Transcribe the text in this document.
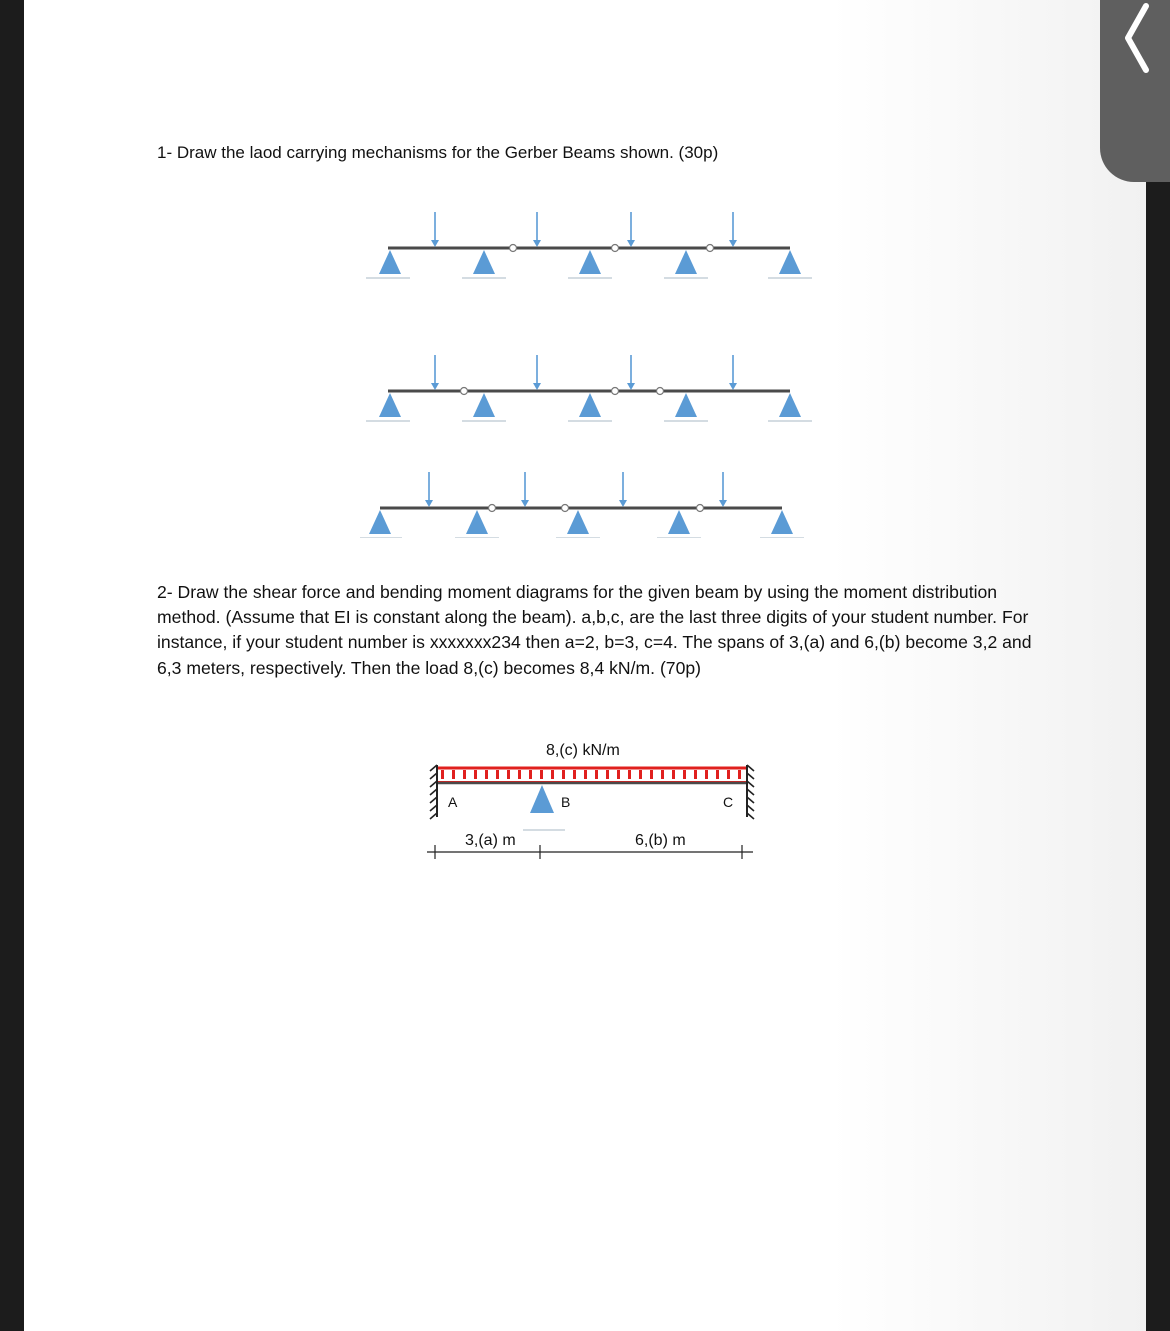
1- Draw the laod carrying mechanisms for the Gerber Beams shown. (30p)

2- Draw the shear force and bending moment diagrams for the given beam by using the moment distribution method. (Assume that EI is constant along the beam). a,b,c, are the last three digits of your student number. For instance, if your student number is xxxxxxx234 then a=2, b=3, c=4. The spans of 3,(a) and 6,(b) become 3,2 and 6,3 meters, respectively. Then the load 8,(c) becomes 8,4 kN/m. (70p)

8,(c) kN/m
A	B	C
3,(a) m	6,(b) m
